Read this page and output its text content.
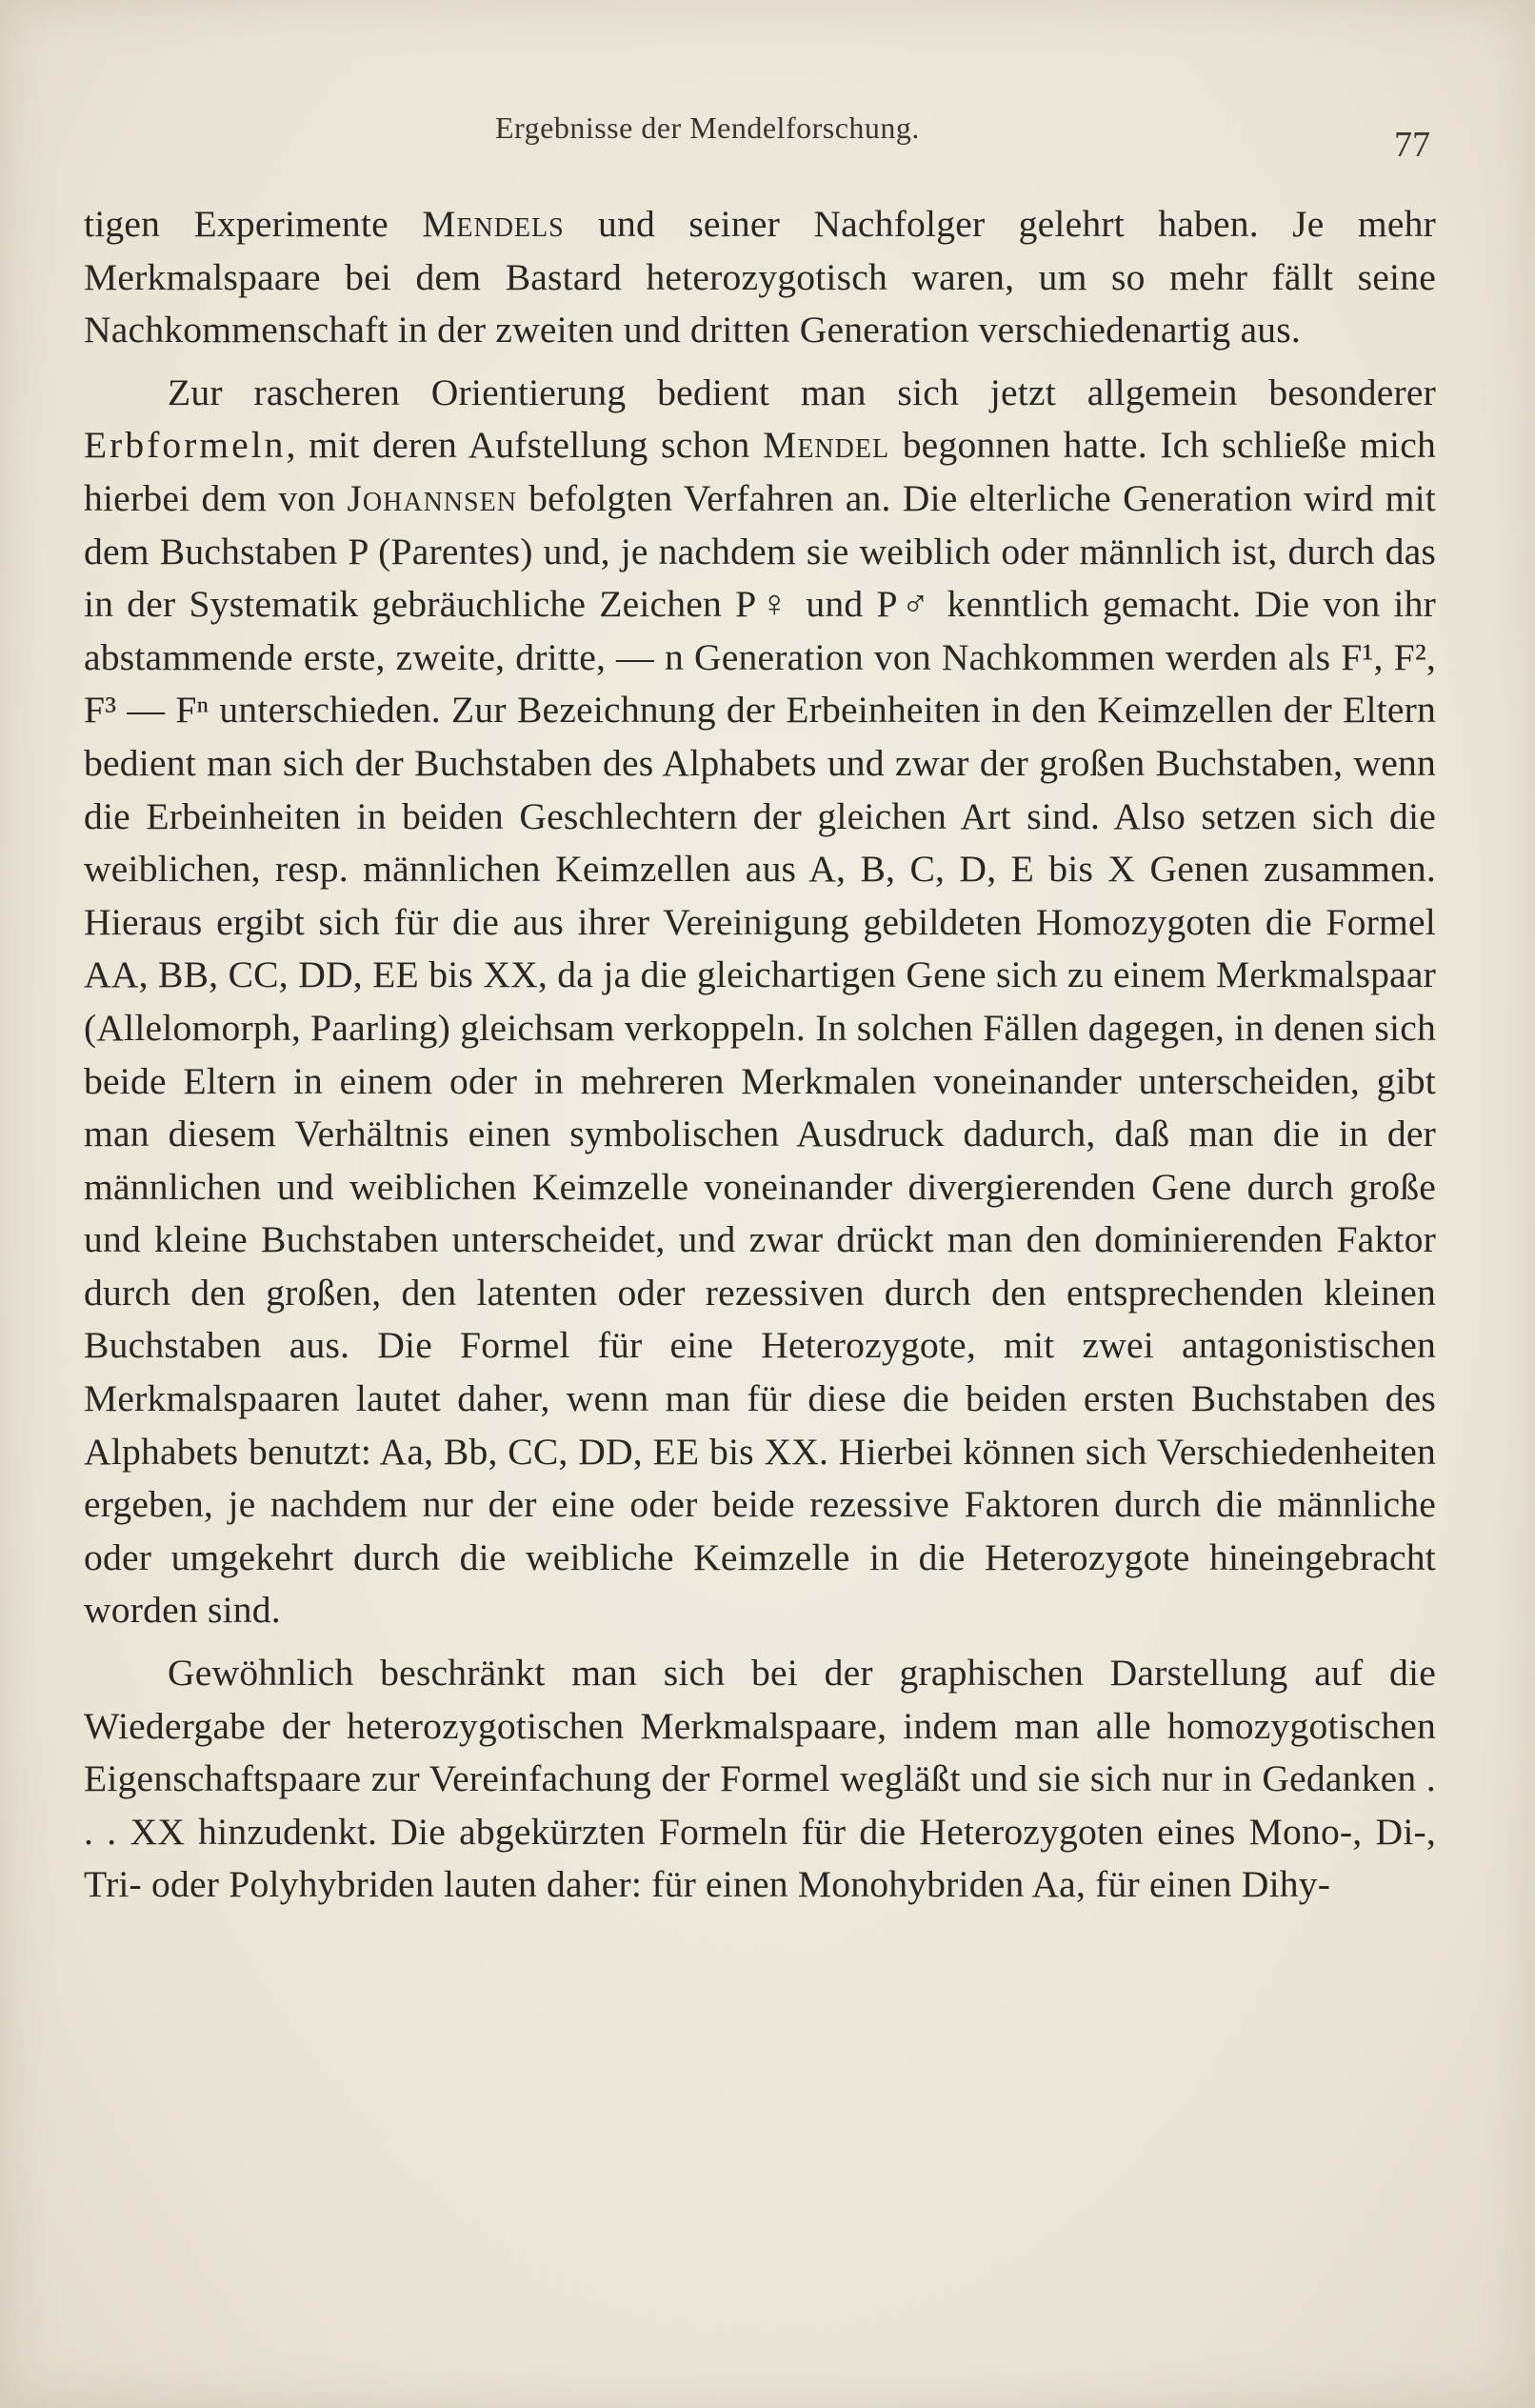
Ergebnisse der Mendelforschung.	77

tigen Experimente Mendels und seiner Nachfolger gelehrt haben. Je mehr Merkmalspaare bei dem Bastard heterozygotisch waren, um so mehr fällt seine Nachkommenschaft in der zweiten und dritten Generation verschiedenartig aus.

Zur rascheren Orientierung bedient man sich jetzt allgemein besonderer Erbformeln, mit deren Aufstellung schon Mendel begonnen hatte. Ich schließe mich hierbei dem von Johannsen befolgten Verfahren an. Die elterliche Generation wird mit dem Buchstaben P (Parentes) und, je nachdem sie weiblich oder männlich ist, durch das in der Systematik gebräuchliche Zeichen P♀ und P♂ kenntlich gemacht. Die von ihr abstammende erste, zweite, dritte, — n Generation von Nachkommen werden als F¹, F², F³ — Fⁿ unterschieden. Zur Bezeichnung der Erbeinheiten in den Keimzellen der Eltern bedient man sich der Buchstaben des Alphabets und zwar der großen Buchstaben, wenn die Erbeinheiten in beiden Geschlechtern der gleichen Art sind. Also setzen sich die weiblichen, resp. männlichen Keimzellen aus A, B, C, D, E bis X Genen zusammen. Hieraus ergibt sich für die aus ihrer Vereinigung gebildeten Homozygoten die Formel AA, BB, CC, DD, EE bis XX, da ja die gleichartigen Gene sich zu einem Merkmalspaar (Allelomorph, Paarling) gleichsam verkoppeln. In solchen Fällen dagegen, in denen sich beide Eltern in einem oder in mehreren Merkmalen voneinander unterscheiden, gibt man diesem Verhältnis einen symbolischen Ausdruck dadurch, daß man die in der männlichen und weiblichen Keimzelle voneinander divergierenden Gene durch große und kleine Buchstaben unterscheidet, und zwar drückt man den dominierenden Faktor durch den großen, den latenten oder rezessiven durch den entsprechenden kleinen Buchstaben aus. Die Formel für eine Heterozygote, mit zwei antagonistischen Merkmalspaaren lautet daher, wenn man für diese die beiden ersten Buchstaben des Alphabets benutzt: Aa, Bb, CC, DD, EE bis XX. Hierbei können sich Verschiedenheiten ergeben, je nachdem nur der eine oder beide rezessive Faktoren durch die männliche oder umgekehrt durch die weibliche Keimzelle in die Heterozygote hineingebracht worden sind.

Gewöhnlich beschränkt man sich bei der graphischen Darstellung auf die Wiedergabe der heterozygotischen Merkmalspaare, indem man alle homozygotischen Eigenschaftspaare zur Vereinfachung der Formel wegläßt und sie sich nur in Gedanken . . . XX hinzudenkt. Die abgekürzten Formeln für die Heterozygoten eines Mono-, Di-, Tri- oder Polyhybriden lauten daher: für einen Monohybriden Aa, für einen Dihy-
